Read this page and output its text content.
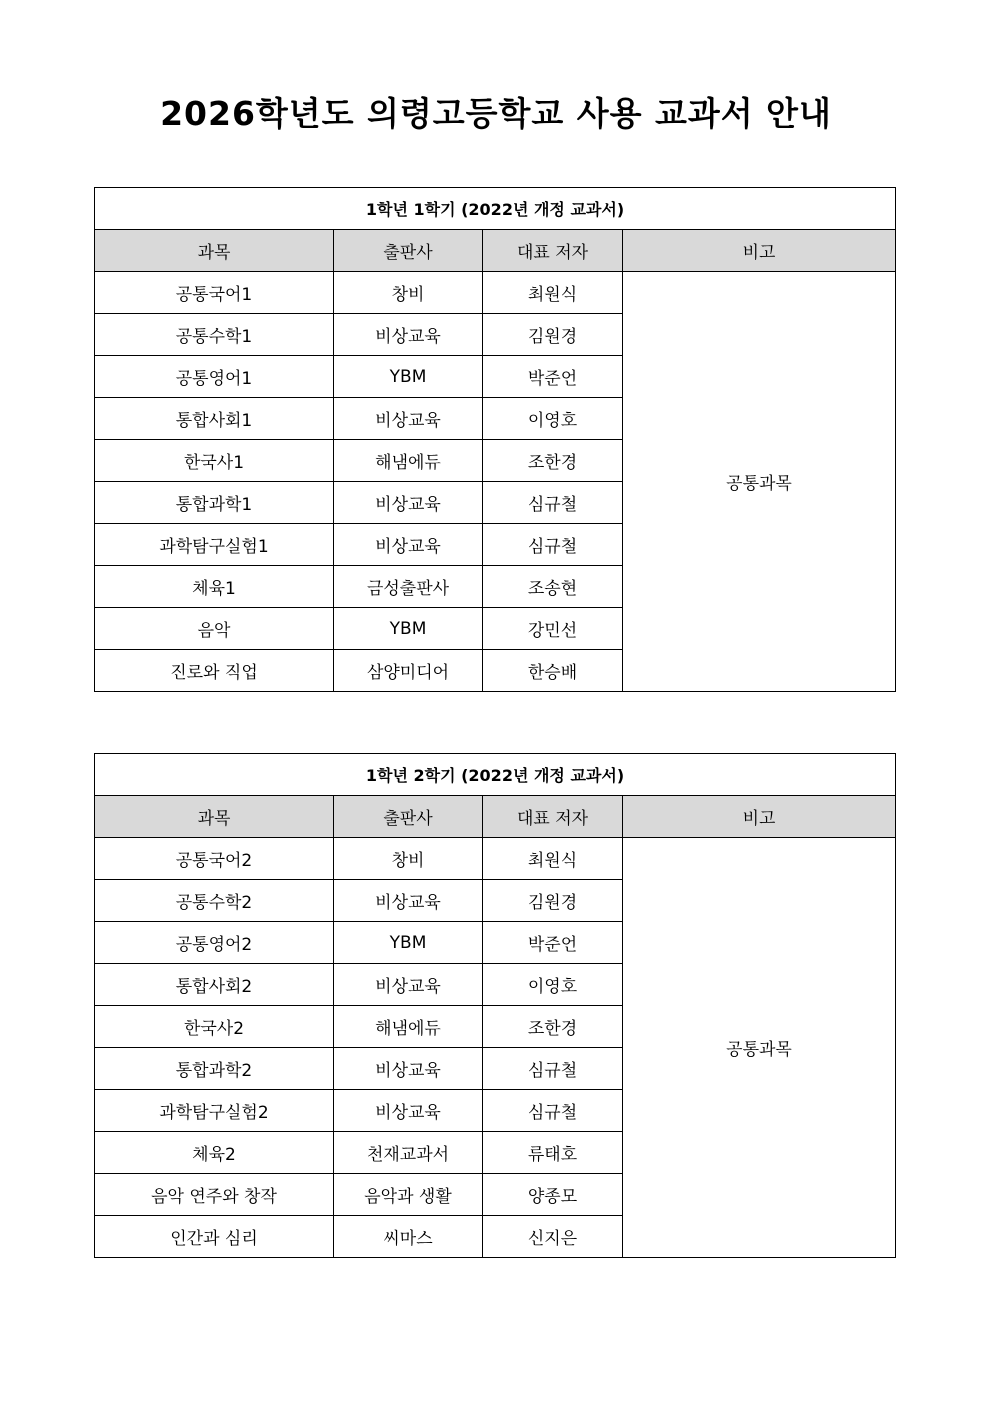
2026학년도 의령고등학교 사용 교과서 안내
1학년 1학기 (2022년 개정 교과서)			
과목	출판사	대표 저자	비고
공통국어1	창비	최원식	공통과목
공통수학1	비상교육	김원경	
공통영어1	YBM	박준언	
통합사회1	비상교육	이영호	
한국사1	해냄에듀	조한경	
통합과학1	비상교육	심규철	
과학탐구실험1	비상교육	심규철	
체육1	금성출판사	조송현	
음악	YBM	강민선	
진로와 직업	삼양미디어	한승배	
1학년 2학기 (2022년 개정 교과서)			
과목	출판사	대표 저자	비고
공통국어2	창비	최원식	공통과목
공통수학2	비상교육	김원경	
공통영어2	YBM	박준언	
통합사회2	비상교육	이영호	
한국사2	해냄에듀	조한경	
통합과학2	비상교육	심규철	
과학탐구실험2	비상교육	심규철	
체육2	천재교과서	류태호	
음악 연주와 창작	음악과 생활	양종모	
인간과 심리	씨마스	신지은	
